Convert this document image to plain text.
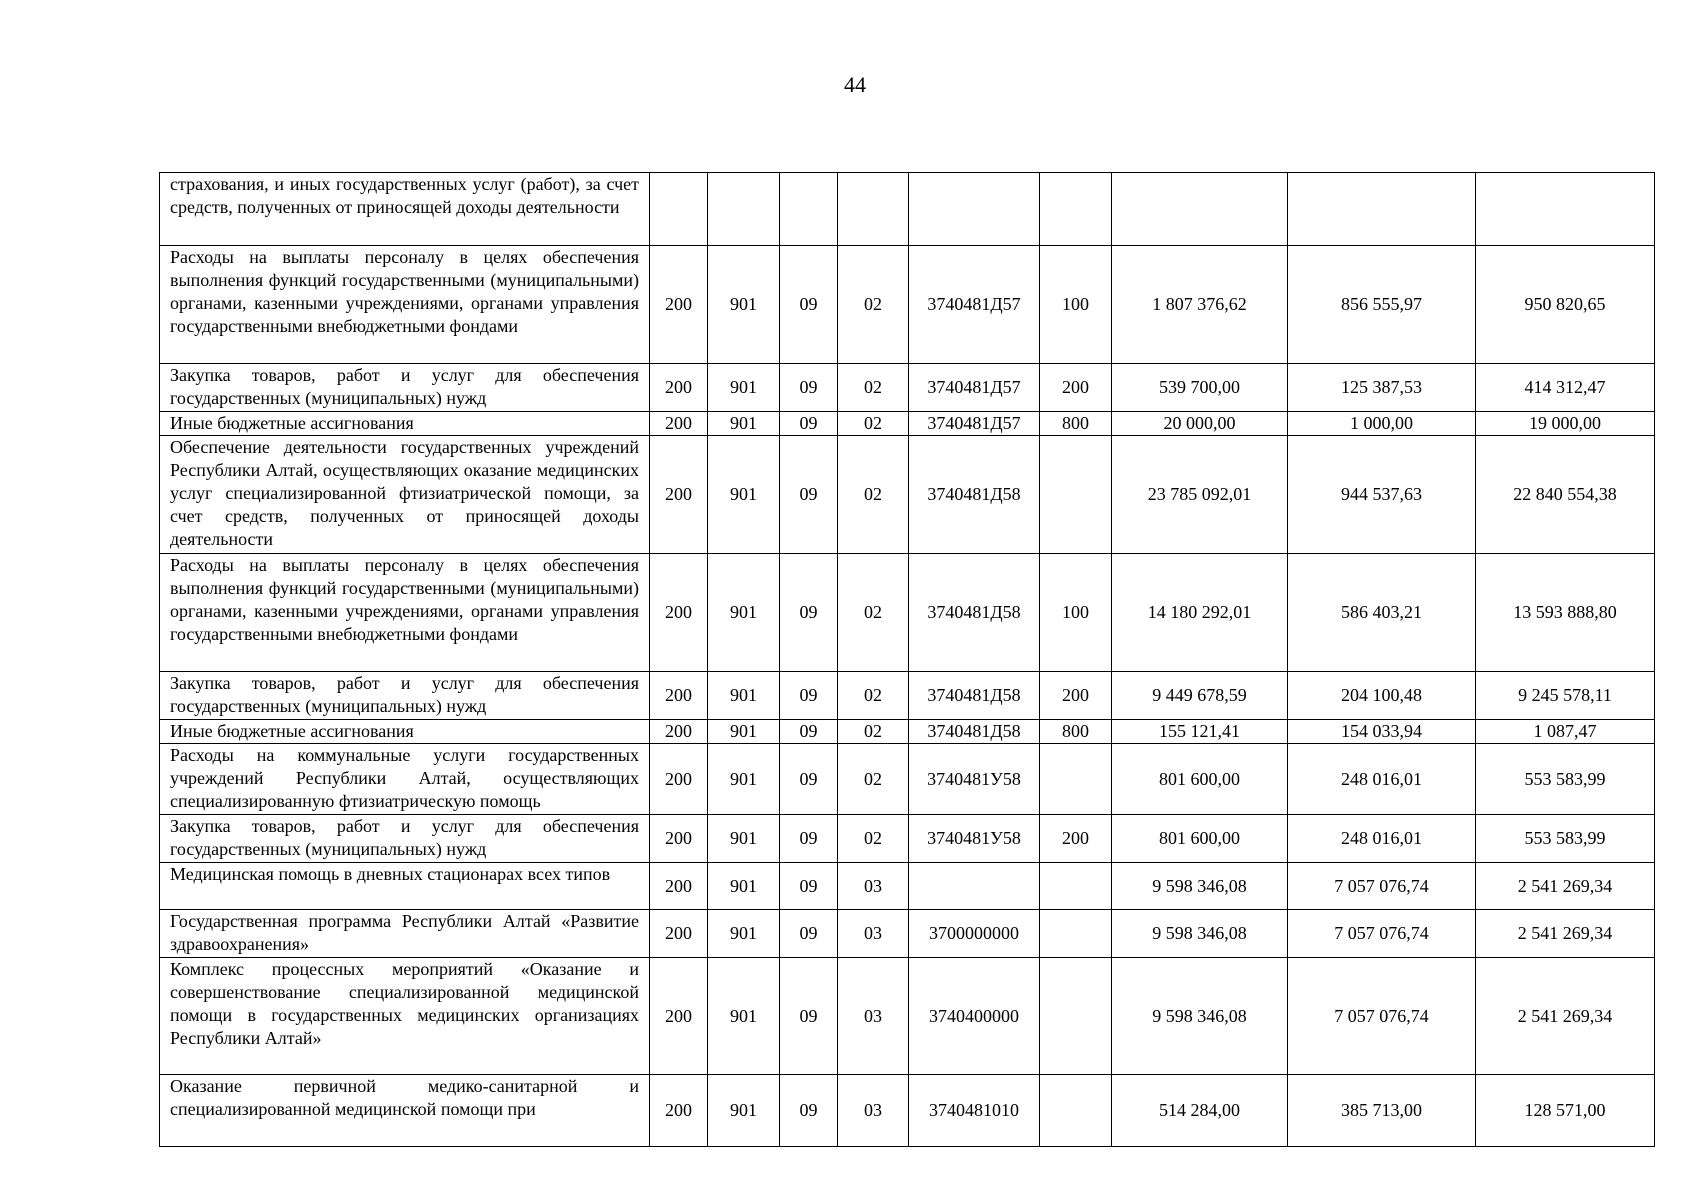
44
страхования, и иных государственных услуг (работ), за счет средств, полученных от приносящей доходы деятельности									
Расходы на выплаты персоналу в целях обеспечения выполнения функций государственными (муниципальными) органами, казенными учреждениями, органами управления государственными внебюджетными фондами	200	901	09	02	3740481Д57	100	1 807 376,62	856 555,97	950 820,65
Закупка товаров, работ и услуг для обеспечения государственных (муниципальных) нужд	200	901	09	02	3740481Д57	200	539 700,00	125 387,53	414 312,47
Иные бюджетные ассигнования	200	901	09	02	3740481Д57	800	20 000,00	1 000,00	19 000,00
Обеспечение деятельности государственных учреждений Республики Алтай, осуществляющих оказание медицинских услуг специализированной фтизиатрической помощи, за счет средств, полученных от приносящей доходы деятельности	200	901	09	02	3740481Д58		23 785 092,01	944 537,63	22 840 554,38
Расходы на выплаты персоналу в целях обеспечения выполнения функций государственными (муниципальными) органами, казенными учреждениями, органами управления государственными внебюджетными фондами	200	901	09	02	3740481Д58	100	14 180 292,01	586 403,21	13 593 888,80
Закупка товаров, работ и услуг для обеспечения государственных (муниципальных) нужд	200	901	09	02	3740481Д58	200	9 449 678,59	204 100,48	9 245 578,11
Иные бюджетные ассигнования	200	901	09	02	3740481Д58	800	155 121,41	154 033,94	1 087,47
Расходы на коммунальные услуги государственных учреждений Республики Алтай, осуществляющих специализированную фтизиатрическую помощь	200	901	09	02	3740481У58		801 600,00	248 016,01	553 583,99
Закупка товаров, работ и услуг для обеспечения государственных (муниципальных) нужд	200	901	09	02	3740481У58	200	801 600,00	248 016,01	553 583,99
Медицинская помощь в дневных стационарах всех типов	200	901	09	03			9 598 346,08	7 057 076,74	2 541 269,34
Государственная программа Республики Алтай «Развитие здравоохранения»	200	901	09	03	3700000000		9 598 346,08	7 057 076,74	2 541 269,34
Комплекс процессных мероприятий «Оказание и совершенствование специализированной медицинской помощи в государственных медицинских организациях Республики Алтай»	200	901	09	03	3740400000		9 598 346,08	7 057 076,74	2 541 269,34
Оказание первичной медико-санитарной и специализированной медицинской помощи при	200	901	09	03	3740481010		514 284,00	385 713,00	128 571,00
